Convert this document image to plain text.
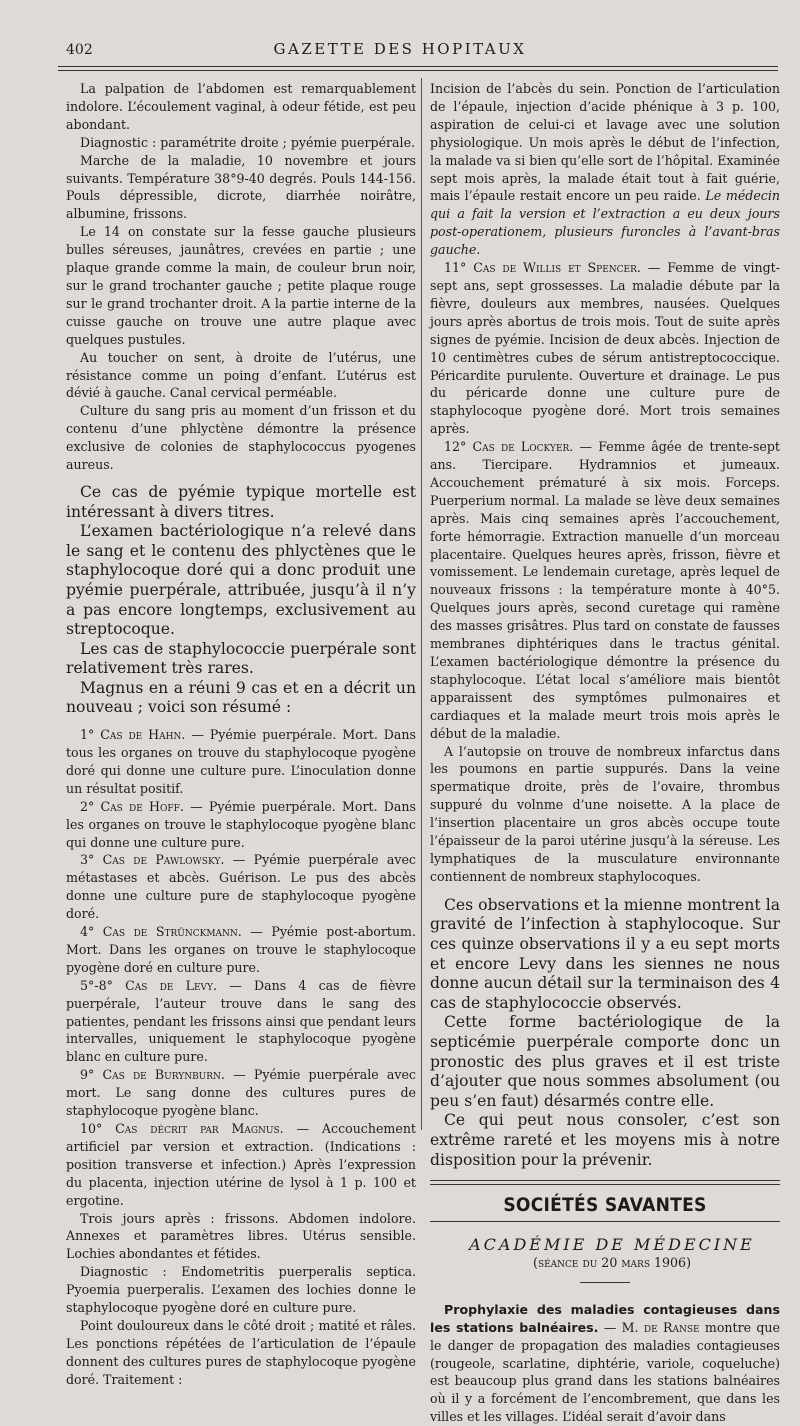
402	GAZETTE DES HOPITAUX

La palpation de l’abdomen est remarquablement indolore. L’écoulement vaginal, à odeur fétide, est peu abondant.

Diagnostic : paramétrite droite ; pyémie puerpérale.

Marche de la maladie, 10 novembre et jours suivants. Température 38°9-40 degrés. Pouls 144-156. Pouls dépressible, dicrote, diarrhée noirâtre, albumine, frissons.

Le 14 on constate sur la fesse gauche plusieurs bulles séreuses, jaunâtres, crevées en partie ; une plaque grande comme la main, de couleur brun noir, sur le grand trochanter gauche ; petite plaque rouge sur le grand trochanter droit. A la partie interne de la cuisse gauche on trouve une autre plaque avec quelques pustules.

Au toucher on sent, à droite de l’utérus, une résistance comme un poing d’enfant. L’utérus est dévié à gauche. Canal cervical perméable.

Culture du sang pris au moment d’un frisson et du contenu d’une phlyctène démontre la présence exclusive de colonies de staphylococcus pyogenes aureus.

Ce cas de pyémie typique mortelle est intéressant à divers titres.

L’examen bactériologique n’a relevé dans le sang et le contenu des phlyctènes que le staphylocoque doré qui a donc produit une pyémie puerpérale, attribuée, jusqu’à il n’y a pas encore longtemps, exclusivement au streptocoque.

Les cas de staphylococcie puerpérale sont relativement très rares.

Magnus en a réuni 9 cas et en a décrit un nouveau ; voici son résumé :

1° Cas de Hahn. — Pyémie puerpérale. Mort. Dans tous les organes on trouve du staphylocoque pyogène doré qui donne une culture pure. L’inoculation donne un résultat positif.

2° Cas de Hoff. — Pyémie puerpérale. Mort. Dans les organes on trouve le staphylocoque pyogène blanc qui donne une culture pure.

3° Cas de Pawlowsky. — Pyémie puerpérale avec métastases et abcès. Guérison. Le pus des abcès donne une culture pure de staphylocoque pyogène doré.

4° Cas de Strünckmann. — Pyémie post-abortum. Mort. Dans les organes on trouve le staphylocoque pyogène doré en culture pure.

5°-8° Cas de Levy. — Dans 4 cas de fièvre puerpérale, l’auteur trouve dans le sang des patientes, pendant les frissons ainsi que pendant leurs intervalles, uniquement le staphylocoque pyogène blanc en culture pure.

9° Cas de Burynburn. — Pyémie puerpérale avec mort. Le sang donne des cultures pures de staphylocoque pyogène blanc.

10° Cas décrit par Magnus. — Accouchement artificiel par version et extraction. (Indications : position transverse et infection.) Après l’expression du placenta, injection utérine de lysol à 1 p. 100 et ergotine.

Trois jours après : frissons. Abdomen indolore. Annexes et paramètres libres. Utérus sensible. Lochies abondantes et fétides.

Diagnostic : Endometritis puerperalis septica. Pyoemia puerperalis. L’examen des lochies donne le staphylocoque pyogène doré en culture pure.

Point douloureux dans le côté droit ; matité et râles. Les ponctions répétées de l’articulation de l’épaule donnent des cultures pures de staphylocoque pyogène doré. Traitement :

Incision de l’abcès du sein. Ponction de l’articulation de l’épaule, injection d’acide phénique à 3 p. 100, aspiration de celui-ci et lavage avec une solution physiologique. Un mois après le début de l’infection, la malade va si bien qu’elle sort de l’hôpital. Examinée sept mois après, la malade était tout à fait guérie, mais l’épaule restait encore un peu raide. Le médecin qui a fait la version et l’extraction a eu deux jours post-operationem, plusieurs furoncles à l’avant-bras gauche.

11° Cas de Willis et Spencer. — Femme de vingt-sept ans, sept grossesses. La maladie débute par la fièvre, douleurs aux membres, nausées. Quelques jours après abortus de trois mois. Tout de suite après signes de pyémie. Incision de deux abcès. Injection de 10 centimètres cubes de sérum antistreptococcique. Péricardite purulente. Ouverture et drainage. Le pus du péricarde donne une culture pure de staphylocoque pyogène doré. Mort trois semaines après.

12° Cas de Lockyer. — Femme âgée de trente-sept ans. Tiercipare. Hydramnios et jumeaux. Accouchement prématuré à six mois. Forceps. Puerperium normal. La malade se lève deux semaines après. Mais cinq semaines après l’accouchement, forte hémorragie. Extraction manuelle d’un morceau placentaire. Quelques heures après, frisson, fièvre et vomissement. Le lendemain curetage, après lequel de nouveaux frissons : la température monte à 40°5. Quelques jours après, second curetage qui ramène des masses grisâtres. Plus tard on constate de fausses membranes diphtériques dans le tractus génital. L’examen bactériologique démontre la présence du staphylocoque. L’état local s’améliore mais bientôt apparaissent des symptômes pulmonaires et cardiaques et la malade meurt trois mois après le début de la maladie.

A l’autopsie on trouve de nombreux infarctus dans les poumons en partie suppurés. Dans la veine spermatique droite, près de l’ovaire, thrombus suppuré du volnme d’une noisette. A la place de l’insertion placentaire un gros abcès occupe toute l’épaisseur de la paroi utérine jusqu’à la séreuse. Les lymphatiques de la musculature environnante contiennent de nombreux staphylocoques.

Ces observations et la mienne montrent la gravité de l’infection à staphylocoque. Sur ces quinze observations il y a eu sept morts et encore Levy dans les siennes ne nous donne aucun détail sur la terminaison des 4 cas de staphylococcie observés.

Cette forme bactériologique de la septicémie puerpérale comporte donc un pronostic des plus graves et il est triste d’ajouter que nous sommes absolument (ou peu s’en faut) désarmés contre elle.

Ce qui peut nous consoler, c’est son extrême rareté et les moyens mis à notre disposition pour la prévenir.

SOCIÉTÉS SAVANTES

ACADÉMIE DE MÉDECINE

(séance du 20 mars 1906)

Prophylaxie des maladies contagieuses dans les stations balnéaires. — M. de Ranse montre que le danger de propagation des maladies contagieuses (rougeole, scarlatine, diphtérie, variole, coqueluche) est beaucoup plus grand dans les stations balnéaires où il y a forcément de l’encombrement, que dans les villes et les villages. L’idéal serait d’avoir dans
